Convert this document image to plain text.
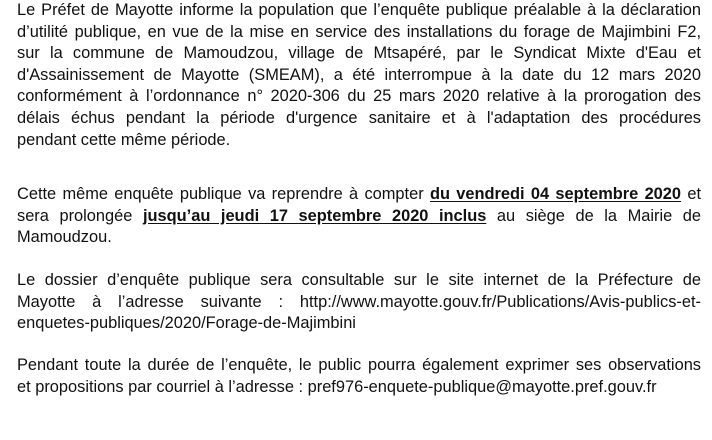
Le Préfet de Mayotte informe la population que l’enquête publique préalable à la déclaration
d’utilité publique, en vue de la mise en service des installations du forage de Majimbini F2,
sur la commune de Mamoudzou, village de Mtsapéré, par le Syndicat Mixte d'Eau et
d'Assainissement de Mayotte (SMEAM), a été interrompue à la date du 12 mars 2020
conformément à l’ordonnance n° 2020-306 du 25 mars 2020 relative à la prorogation des
délais échus pendant la période d'urgence sanitaire et à l'adaptation des procédures
pendant cette même période.

Cette même enquête publique va reprendre à compter du vendredi 04 septembre 2020 et
sera prolongée jusqu’au jeudi 17 septembre 2020 inclus au siège de la Mairie de
Mamoudzou.

Le dossier d’enquête publique sera consultable sur le site internet de la Préfecture de
Mayotte à l’adresse suivante : http://www.mayotte.gouv.fr/Publications/Avis-publics-et-
enquetes-publiques/2020/Forage-de-Majimbini

Pendant toute la durée de l’enquête, le public pourra également exprimer ses observations
et propositions par courriel à l’adresse : pref976-enquete-publique@mayotte.pref.gouv.fr
